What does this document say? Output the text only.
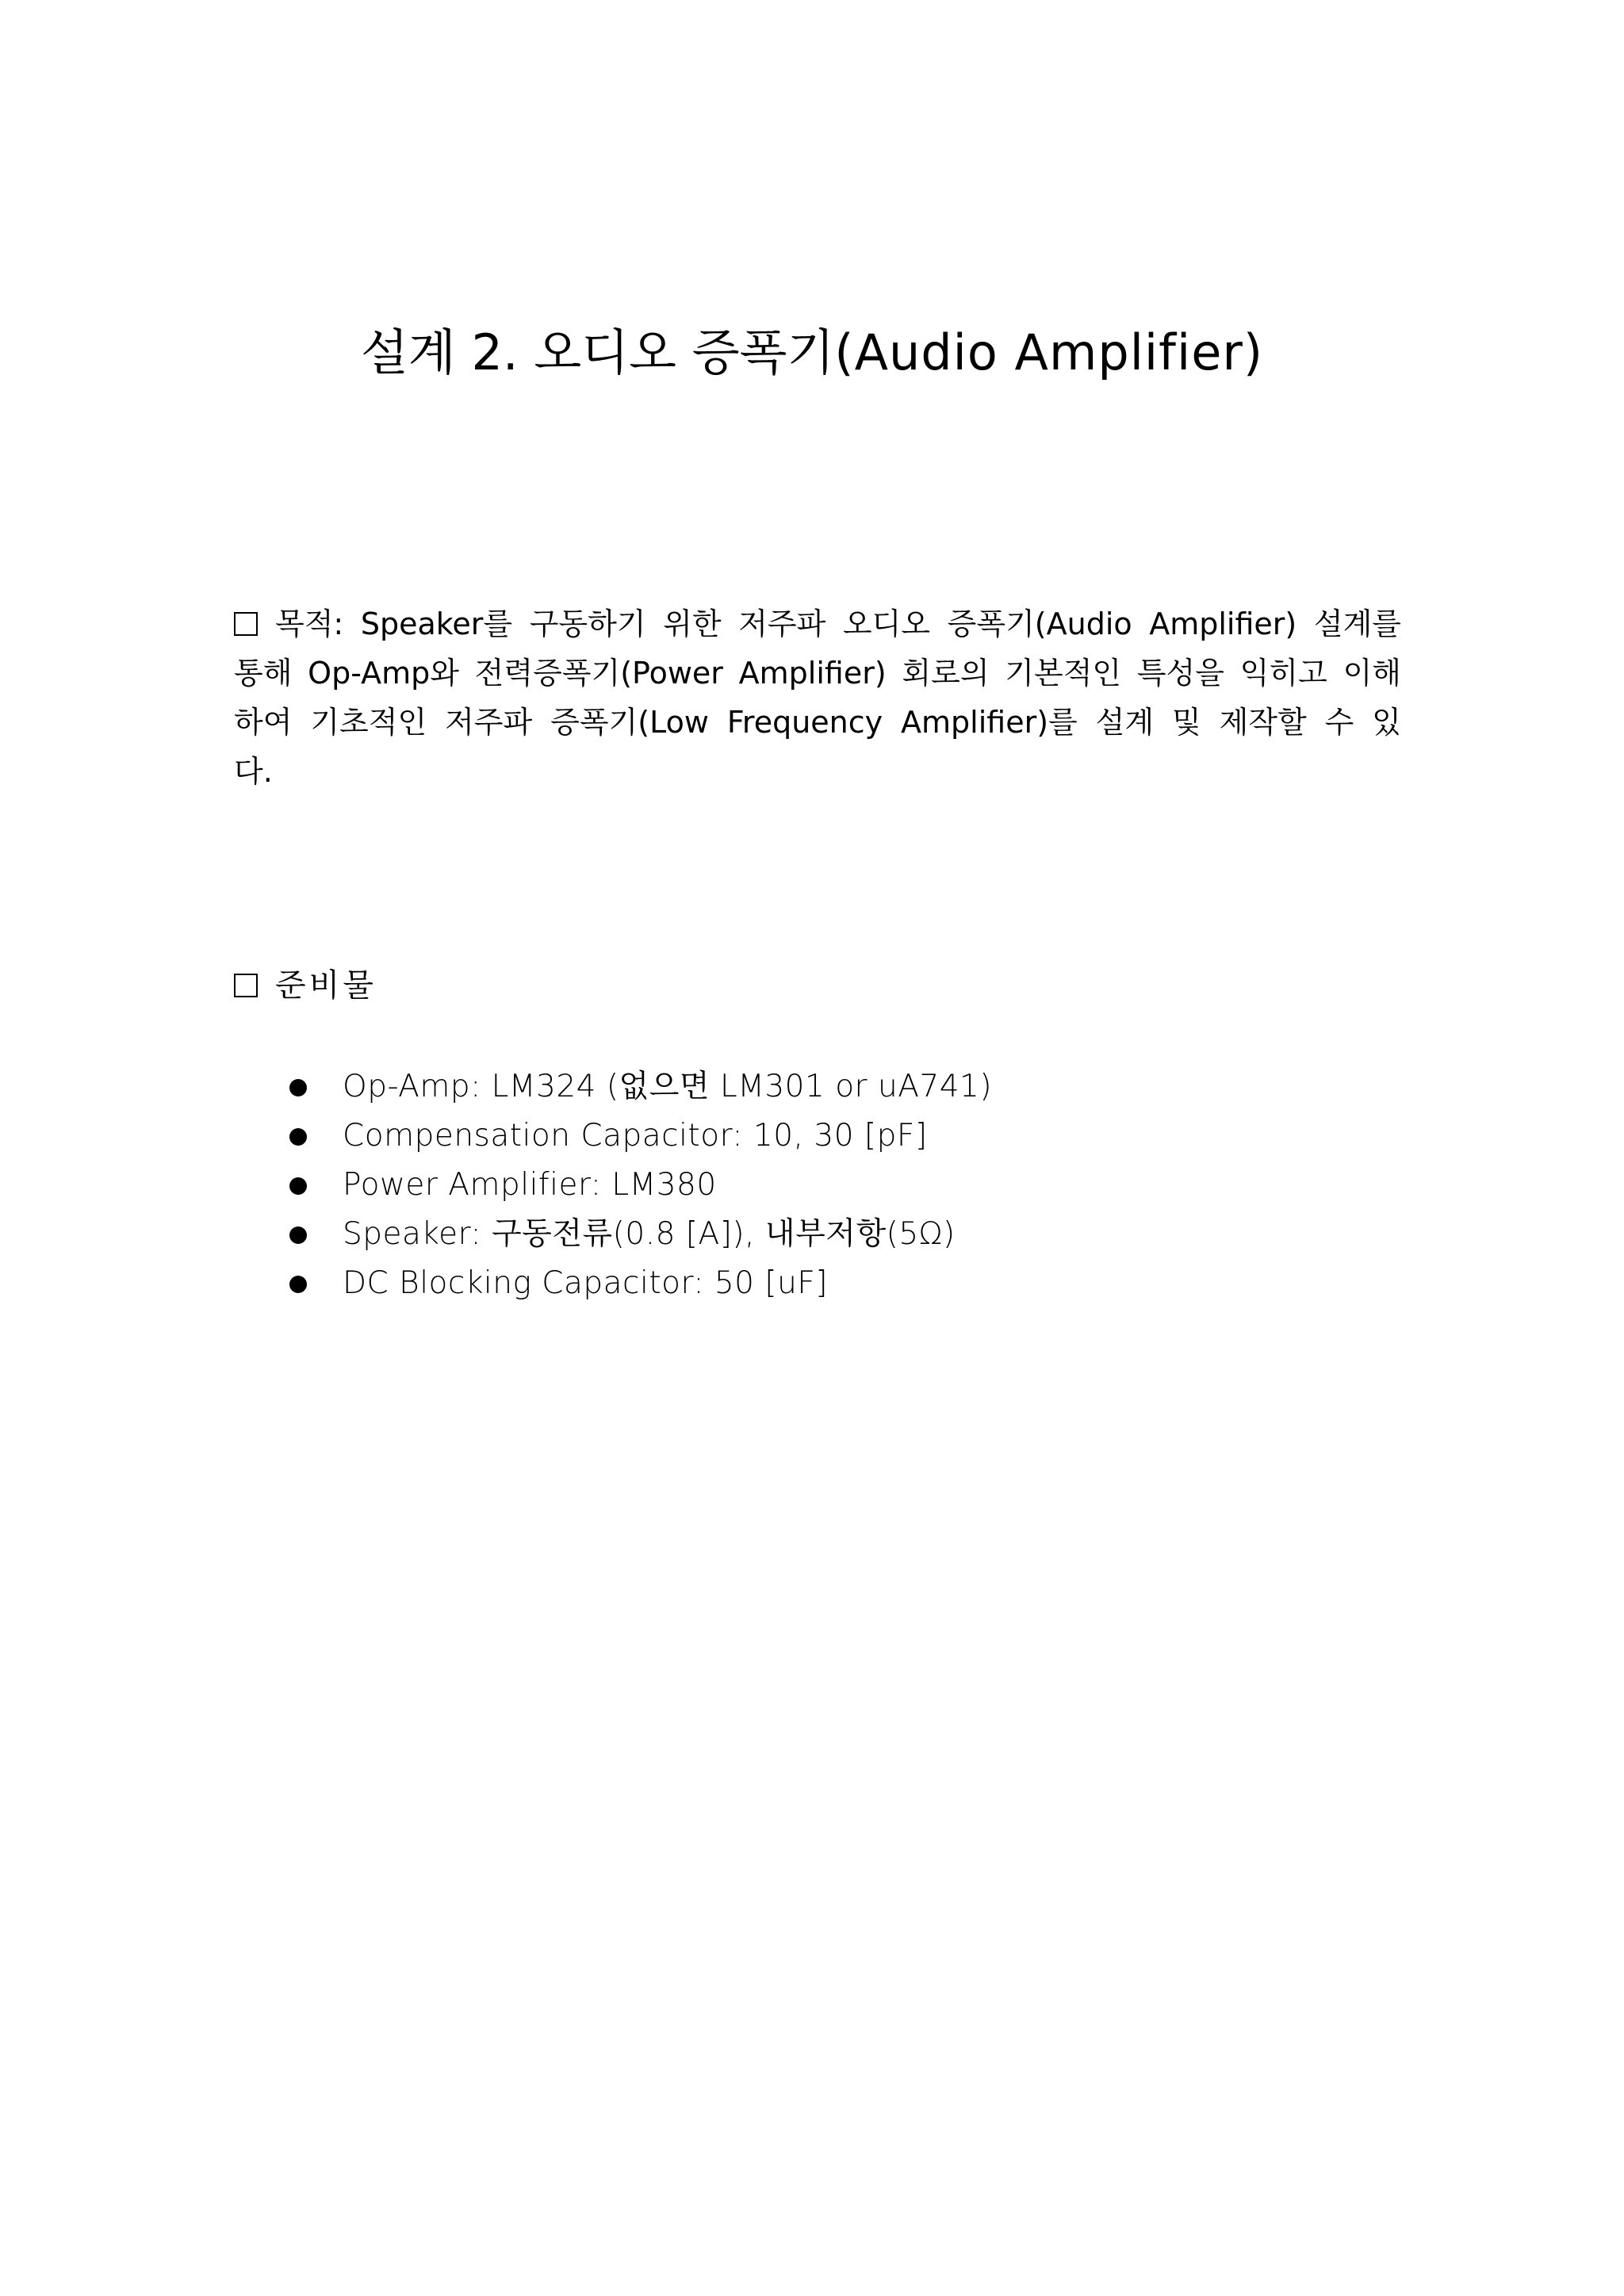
설계 2. 오디오 증폭기(Audio Amplifier)

목적: Speaker를 구동하기 위한 저주파 오디오 증폭기(Audio Amplifier) 설계를 통해 Op-Amp와 전력증폭기(Power Amplifier) 회로의 기본적인 특성을 익히고 이해하여 기초적인 저주파 증폭기(Low Frequency Amplifier)를 설계 및 제작할 수 있다.

준비물
Op-Amp: LM324 (없으면 LM301 or uA741)
Compensation Capacitor: 10, 30 [pF]
Power Amplifier: LM380
Speaker: 구동전류(0.8 [A]), 내부저항(5Ω)
DC Blocking Capacitor: 50 [uF]
